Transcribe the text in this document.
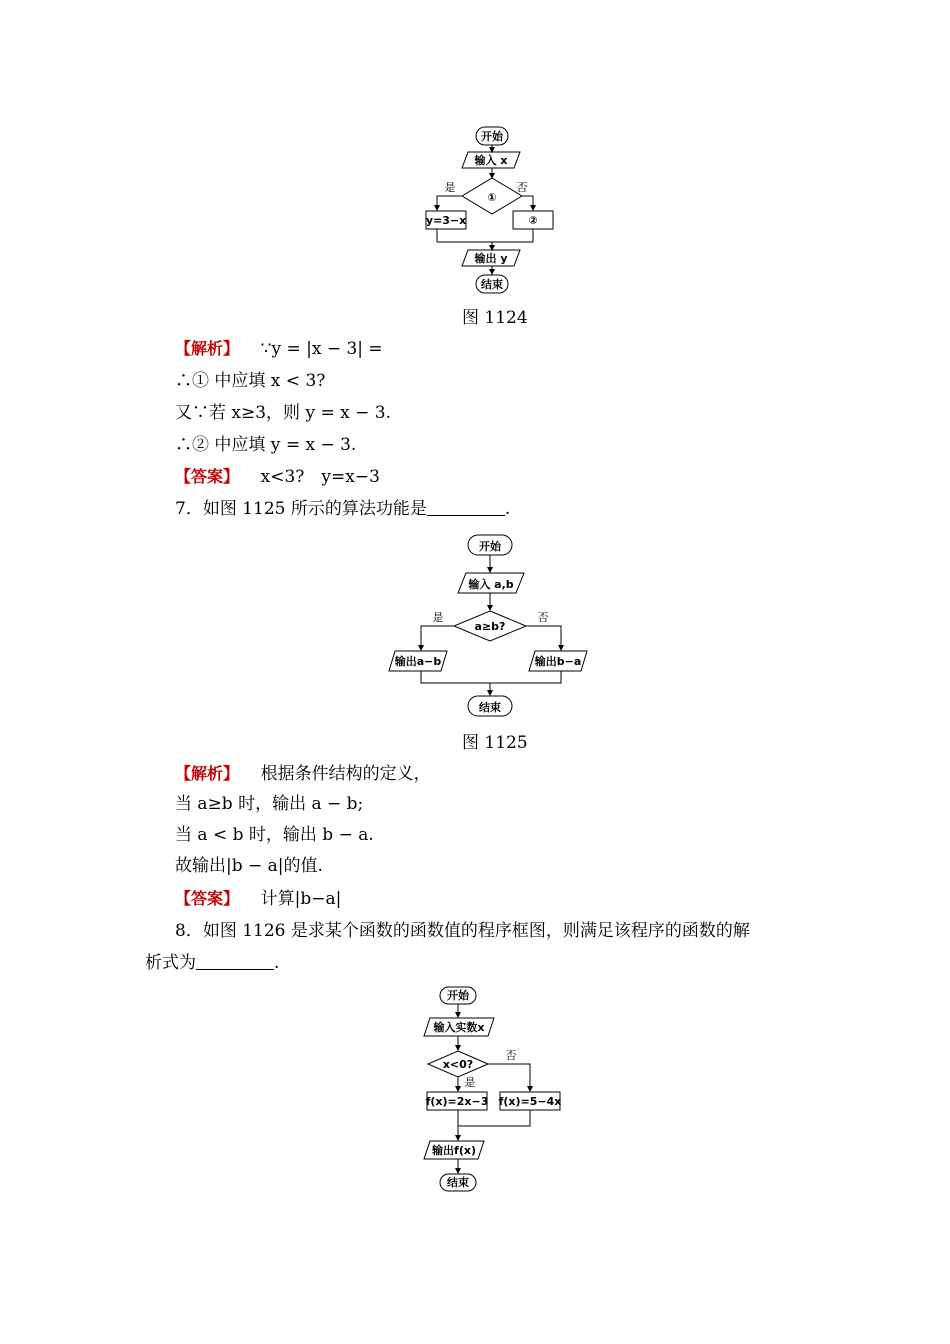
开始
输入 x
①
是	否
y=3−x	②
输出 y
结束
图 1124
【解析】 ∵y = |x − 3| =
∴① 中应填 x < 3?
又∵若 x≥3，则 y = x − 3.
∴② 中应填 y = x − 3.
【答案】 x<3?　y=x−3
7．如图 1125 所示的算法功能是	.
开始
输入 a,b
a≥b?
是	否
输出a−b	输出b−a
结束
图 1125
【解析】 根据条件结构的定义，
当 a≥b 时，输出 a − b;
当 a < b 时，输出 b − a.
故输出|b − a|的值.
【答案】 计算|b−a|
8．如图 1126 是求某个函数的函数值的程序框图，则满足该程序的函数的解
析式为	.
开始
输入实数x
x<0?
是
否
f(x)=2x−3 f(x)=5−4x
输出f(x)
结束
